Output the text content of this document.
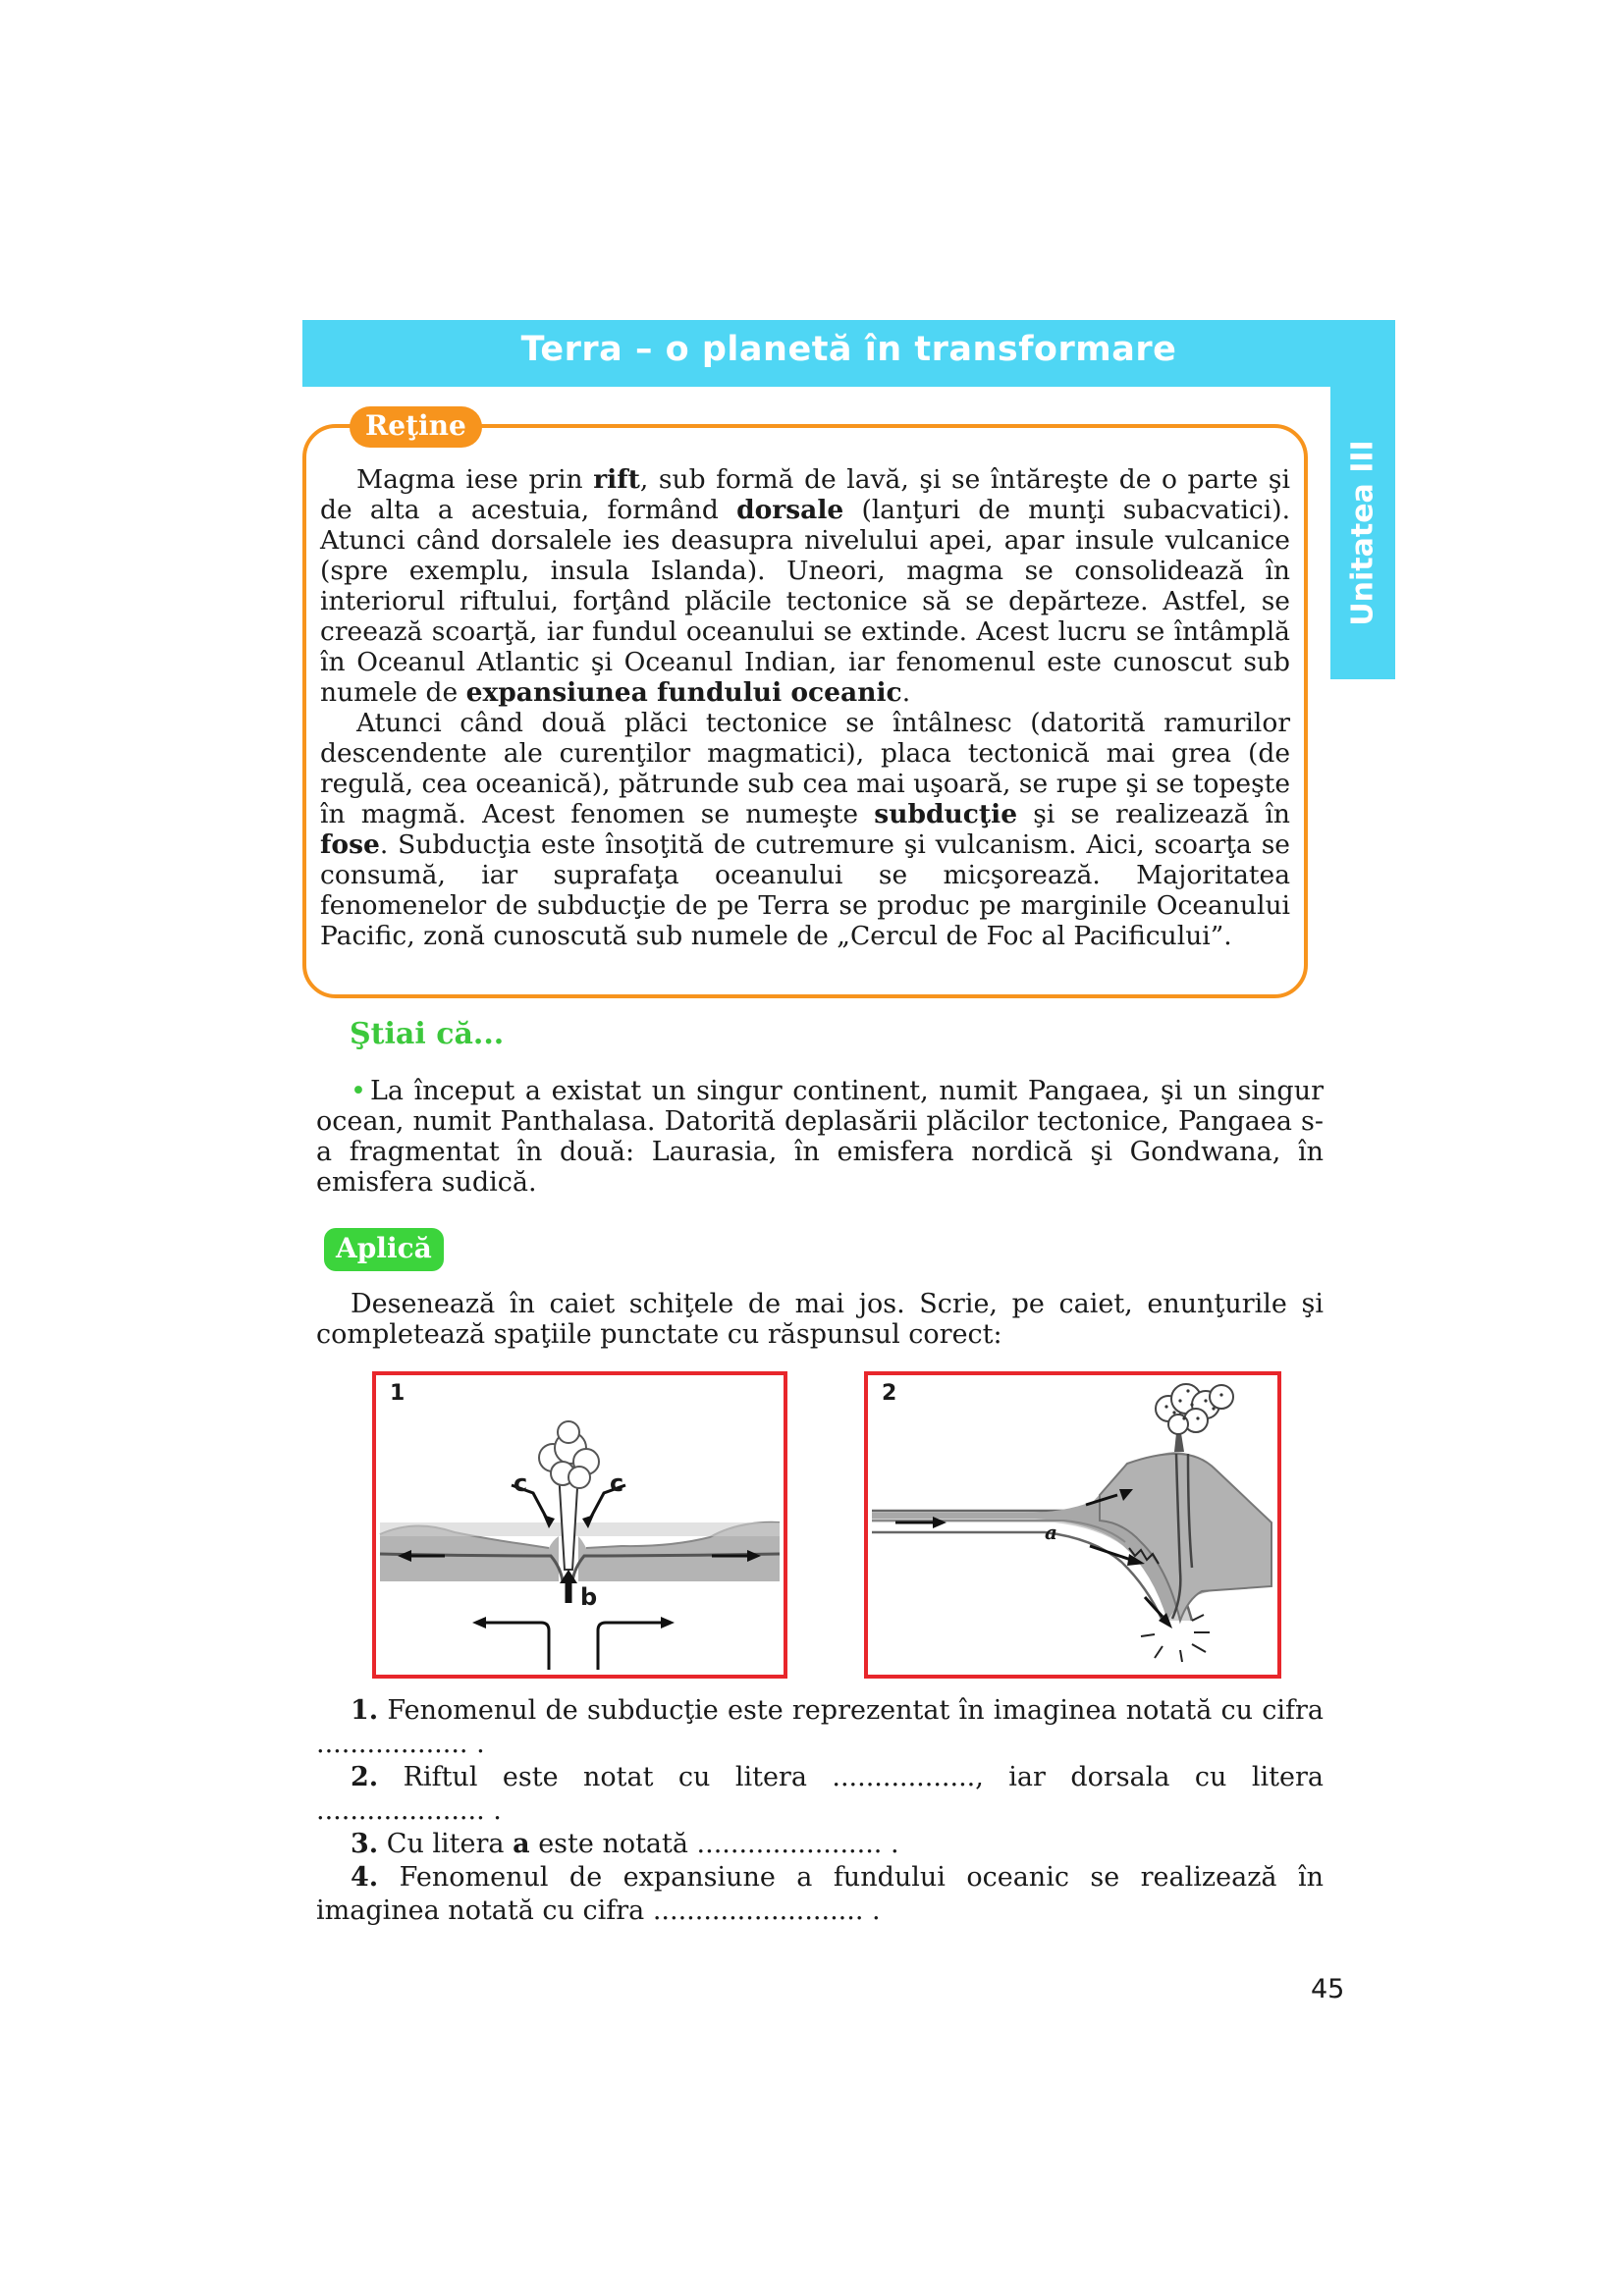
Terra – o planetă în transformare
Unitatea III
Reţine

Magma iese prin rift, sub formă de lavă, şi se întăreşte de o parte şi de alta a acestuia, formând dorsale (lanţuri de munţi subacvatici). Atunci când dorsalele ies deasupra nivelului apei, apar insule vulcanice (spre exemplu, insula Islanda). Uneori, magma se consolidează în interiorul riftului, forţând plăcile tectonice să se depărteze. Astfel, se creează scoarţă, iar fundul oceanului se extinde. Acest lucru se întâmplă în Oceanul Atlantic şi Oceanul Indian, iar fenomenul este cunoscut sub numele de expansiunea fundului oceanic.

Atunci când două plăci tectonice se întâlnesc (datorită ramurilor descendente ale curenţilor magmatici), placa tectonică mai grea (de regulă, cea oceanică), pătrunde sub cea mai uşoară, se rupe şi se topeşte în magmă. Acest fenomen se numeşte subducţie şi se realizează în fose. Subducţia este însoţită de cutremure şi vulcanism. Aici, scoarţa se consumă, iar suprafaţa oceanului se micşorează. Majoritatea fenomenelor de subducţie de pe Terra se produc pe marginile Oceanului Pacific, zonă cunoscută sub numele de „Cercul de Foc al Pacificului”.

Ştiai că...
• La început a existat un singur continent, numit Pangaea, şi un singur ocean, numit Panthalasa. Datorită deplasării plăcilor tectonice, Pangaea s-a fragmentat în două: Laurasia, în emisfera nordică şi Gondwana, în emisfera sudică.
Aplică

Desenează în caiet schiţele de mai jos. Scrie, pe caiet, enunţurile şi completează spaţiile punctate cu răspunsul corect:

1
c	c
b
2
a

1. Fenomenul de subducţie este reprezentat în imaginea notată cu cifra .................. .

2. Riftul este notat cu litera ................., iar dorsala cu litera .................... .

3. Cu litera a este notată ...................... .

4. Fenomenul de expansiune a fundului oceanic se realizează în imaginea notată cu cifra ......................... .

45
